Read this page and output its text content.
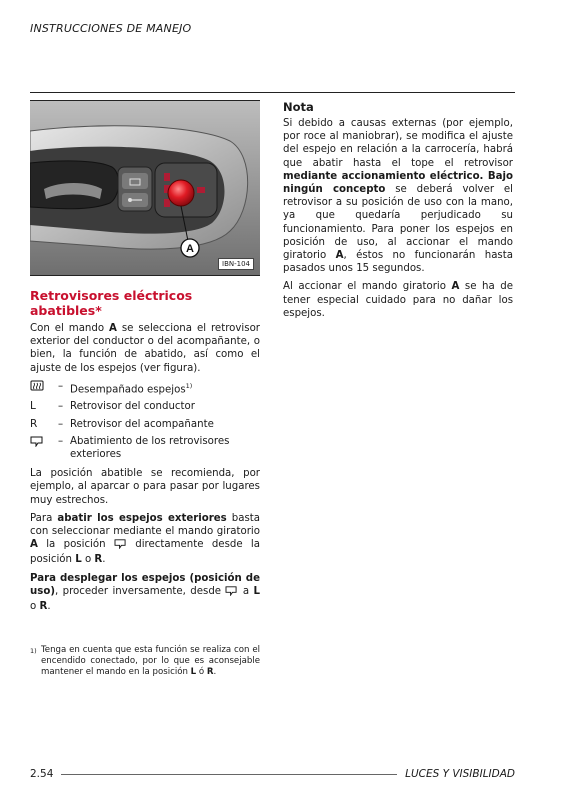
INSTRUCCIONES DE MANEJO
A
IBN-104
Retrovisores eléctricos abatibles*

Con el mando A se selecciona el retrovisor exterior del conductor o del acompañante, o bien, la función de abatido, así como el ajuste de los espejos (ver figura).

– Desempañado espejos$^{1)}$
L	– Retrovisor del conductor
R	– Retrovisor del acompañante
– Abatimiento de los retrovisores exteriores

La posición abatible se recomienda, por ejemplo, al aparcar o para pasar por lugares muy estrechos.

Para abatir los espejos exteriores basta con seleccionar mediante el mando giratorio A la posición  directamente desde la posición L o R.

Para desplegar los espejos (posición de uso), proceder inversamente, desde  a L o R.

Nota

Si debido a causas externas (por ejemplo, por roce al maniobrar), se modifica el ajuste del espejo en relación a la carrocería, habrá que abatir hasta el tope el retrovisor mediante accionamiento eléctrico. Bajo ningún concepto se deberá volver el retrovisor a su posición de uso con la mano, ya que quedaría perjudicado su funcionamiento. Para poner los espejos en posición de uso, al accionar el mando giratorio A, éstos no funcionarán hasta pasados unos 15 segundos.

Al accionar el mando giratorio A se ha de tener especial cuidado para no dañar los espejos.

1) Tenga en cuenta que esta función se realiza con el encendido conectado, por lo que es aconsejable mantener el mando en la posición L ó R.
2.54	LUCES Y VISIBILIDAD
